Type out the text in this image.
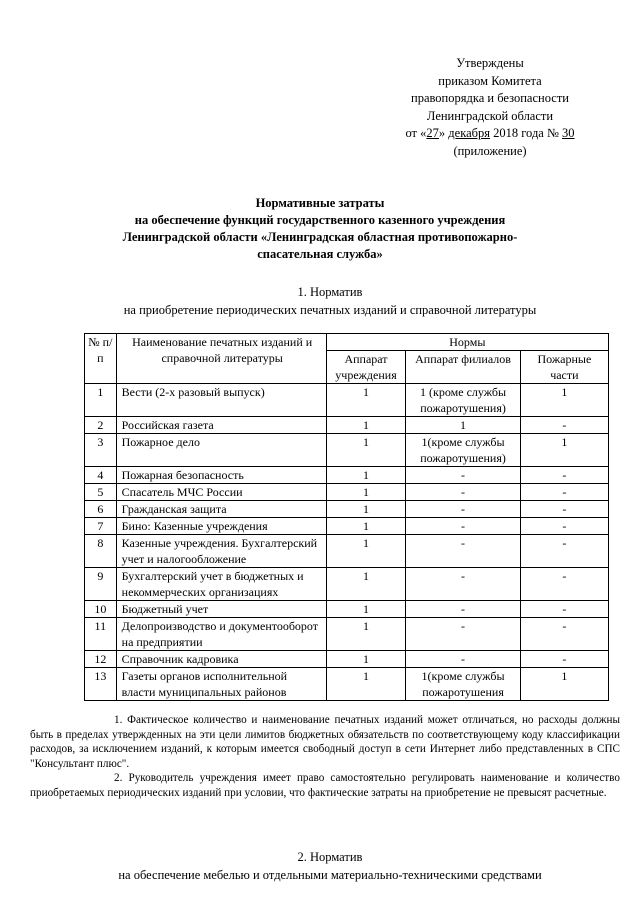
Утверждены
приказом Комитета
правопорядка и безопасности
Ленинградской области
от «27» декабря 2018 года № 30
(приложение)
Нормативные затраты
на обеспечение функций государственного казенного учреждения
Ленинградской области «Ленинградская областная противопожарно-
спасательная служба»
1. Норматив
на приобретение периодических печатных изданий и справочной литературы
№ п/п	Наименование печатных изданий и справочной литературы	Нормы		
		Аппарат учреждения	Аппарат филиалов	Пожарные части
1	Вести (2-х разовый выпуск)	1	1 (кроме службы пожаротушения)	1
2	Российская газета	1	1	-
3	Пожарное дело	1	1(кроме службы пожаротушения)	1
4	Пожарная безопасность	1	-	-
5	Спасатель МЧС России	1	-	-
6	Гражданская защита	1	-	-
7	Бино: Казенные учреждения	1	-	-
8	Казенные учреждения. Бухгалтерский учет и налогообложение	1	-	-
9	Бухгалтерский учет в бюджетных и некоммерческих организациях	1	-	-
10	Бюджетный учет	1	-	-
11	Делопроизводство и документооборот на предприятии	1	-	-
12	Справочник кадровика	1	-	-
13	Газеты органов исполнительной власти муниципальных районов	1	1(кроме службы пожаротушения	1

1. Фактическое количество и наименование печатных изданий может отличаться, но расходы должны быть в пределах утвержденных на эти цели лимитов бюджетных обязательств по соответствующему коду классификации расходов, за исключением изданий, к которым имеется свободный доступ в сети Интернет либо представленных в СПС "Консультант плюс".

2. Руководитель учреждения имеет право самостоятельно регулировать наименование и количество приобретаемых периодических изданий при условии, что фактические затраты на приобретение не превысят расчетные.

2. Норматив
на обеспечение мебелью и отдельными материально-техническими средствами
